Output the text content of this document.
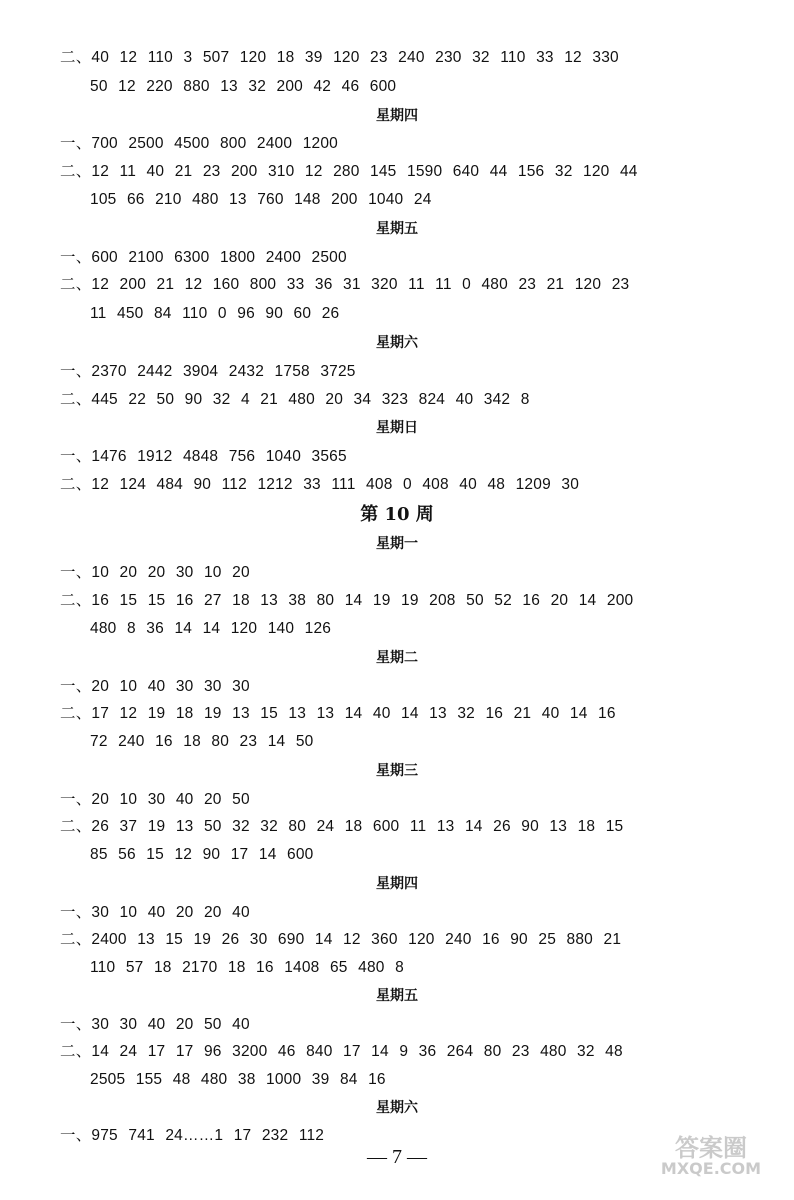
二、40 12 110 3 507 120 18 39 120 23 240 230 32 110 33 12 330
50 12 220 880 13 32 200 42 46 600
星期四
一、700 2500 4500 800 2400 1200
二、12 11 40 21 23 200 310 12 280 145 1590 640 44 156 32 120 44
105 66 210 480 13 760 148 200 1040 24
星期五
一、600 2100 6300 1800 2400 2500
二、12 200 21 12 160 800 33 36 31 320 11 11 0 480 23 21 120 23
11 450 84 110 0 96 90 60 26
星期六
一、2370 2442 3904 2432 1758 3725
二、445 22 50 90 32 4 21 480 20 34 323 824 40 342 8
星期日
一、1476 1912 4848 756 1040 3565
二、12 124 484 90 112 1212 33 111 408 0 408 40 48 1209 30
第 10 周
星期一
一、10 20 20 30 10 20
二、16 15 15 16 27 18 13 38 80 14 19 19 208 50 52 16 20 14 200
480 8 36 14 14 120 140 126
星期二
一、20 10 40 30 30 30
二、17 12 19 18 19 13 15 13 13 14 40 14 13 32 16 21 40 14 16
72 240 16 18 80 23 14 50
星期三
一、20 10 30 40 20 50
二、26 37 19 13 50 32 32 80 24 18 600 11 13 14 26 90 13 18 15
85 56 15 12 90 17 14 600
星期四
一、30 10 40 20 20 40
二、2400 13 15 19 26 30 690 14 12 360 120 240 16 90 25 880 21
110 57 18 2170 18 16 1408 65 480 8
星期五
一、30 30 40 20 50 40
二、14 24 17 17 96 3200 46 840 17 14 9 36 264 80 23 480 32 48
2505 155 48 480 38 1000 39 84 16
星期六
一、975 741 24……1 17 232 112
— 7 —	答案圈
MXQE.COM
